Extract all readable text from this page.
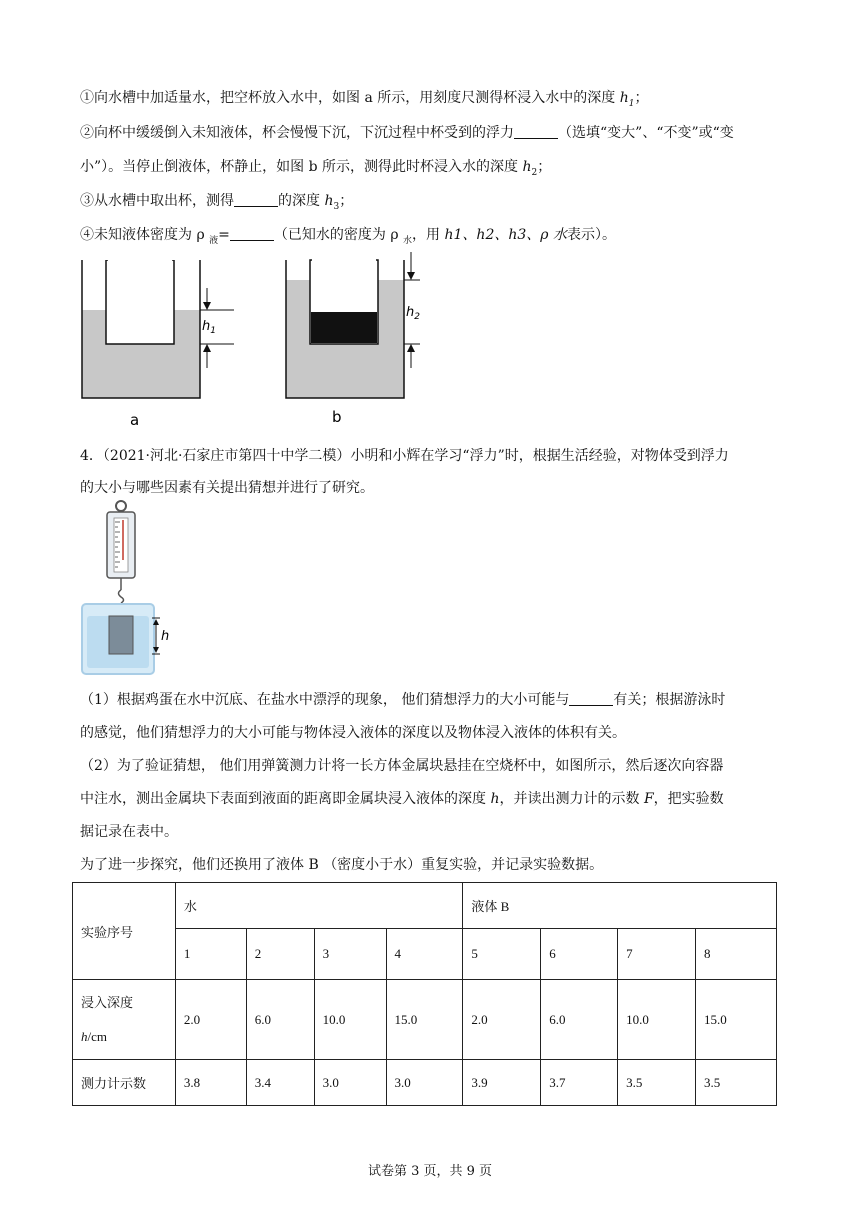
①向水槽中加适量水，把空杯放入水中，如图 a 所示，用刻度尺测得杯浸入水中的深度 $h_1$；
②向杯中缓缓倒入未知液体，杯会慢慢下沉，下沉过程中杯受到的浮力	（选填“变大”、“不变”或“变
小”）。当停止倒液体，杯静止，如图 b 所示，测得此时杯浸入水的深度 $h_2$；
③从水槽中取出杯，测得	的深度 $h_3$；
④未知液体密度为 ρ $_液$=	（已知水的密度为 ρ $_水$，用 h1、h2、h3、ρ 水表示）。
$h_1$
a
$h_2$
b
4．（2021·河北·石家庄市第四十中学二模）小明和小辉在学习“浮力”时，根据生活经验，对物体受到浮力
的大小与哪些因素有关提出猜想并进行了研究。
h
（1）根据鸡蛋在水中沉底、在盐水中漂浮的现象， 他们猜想浮力的大小可能与	有关；根据游泳时
的感觉，他们猜想浮力的大小可能与物体浸入液体的深度以及物体浸入液体的体积有关。
（2）为了验证猜想， 他们用弹簧测力计将一长方体金属块悬挂在空烧杯中，如图所示，然后逐次向容器
中注水，测出金属块下表面到液面的距离即金属块浸入液体的深度 h，并读出测力计的示数 F，把实验数
据记录在表中。
为了进一步探究，他们还换用了液体 B （密度小于水）重复实验，并记录实验数据。
实验序号	水				液体 B			
	1	2	3	4	5	6	7	8
浸入深度
h/cm	2.0	6.0	10.0	15.0	2.0	6.0	10.0	15.0
测力计示数	3.8	3.4	3.0	3.0	3.9	3.7	3.5	3.5
试卷第 3 页，共 9 页
